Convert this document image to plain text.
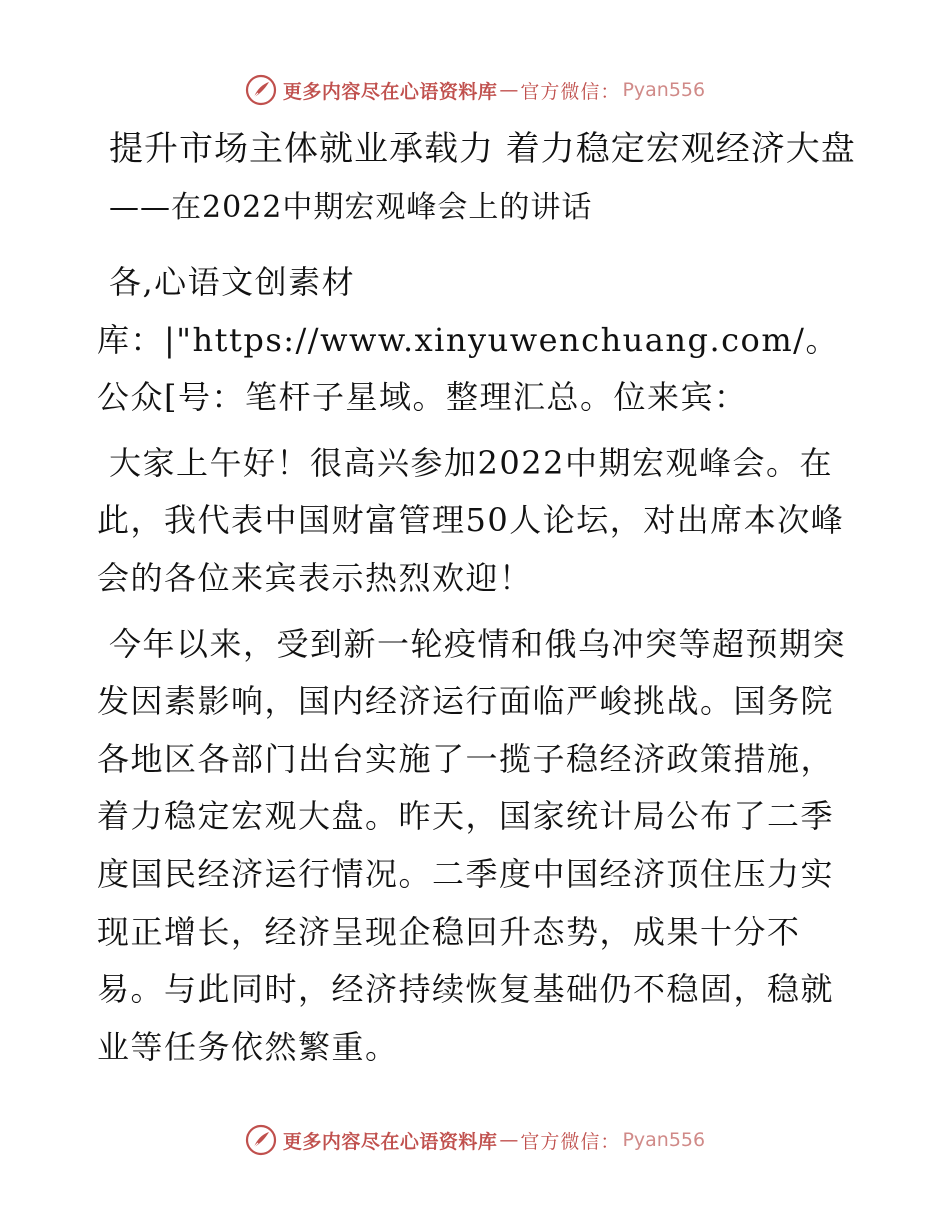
更多内容尽在心语资料库 — 官方微信： Pyan556
提升市场主体就业承载力 着力稳定宏观经济大盘
——在2022中期宏观峰会上的讲话

各,心语文创素材库：|"https://www.xinyuwenchuang.com/。公众[号：笔杆子星域。整理汇总。位来宾：

大家上午好！很高兴参加2022中期宏观峰会。在此，我代表中国财富管理50人论坛，对出席本次峰会的各位来宾表示热烈欢迎！

今年以来，受到新一轮疫情和俄乌冲突等超预期突发因素影响，国内经济运行面临严峻挑战。国务院各地区各部门出台实施了一揽子稳经济政策措施，着力稳定宏观大盘。昨天，国家统计局公布了二季度国民经济运行情况。二季度中国经济顶住压力实现正增长，经济呈现企稳回升态势，成果十分不易。与此同时，经济持续恢复基础仍不稳固，稳就业等任务依然繁重。

更多内容尽在心语资料库 — 官方微信： Pyan556
